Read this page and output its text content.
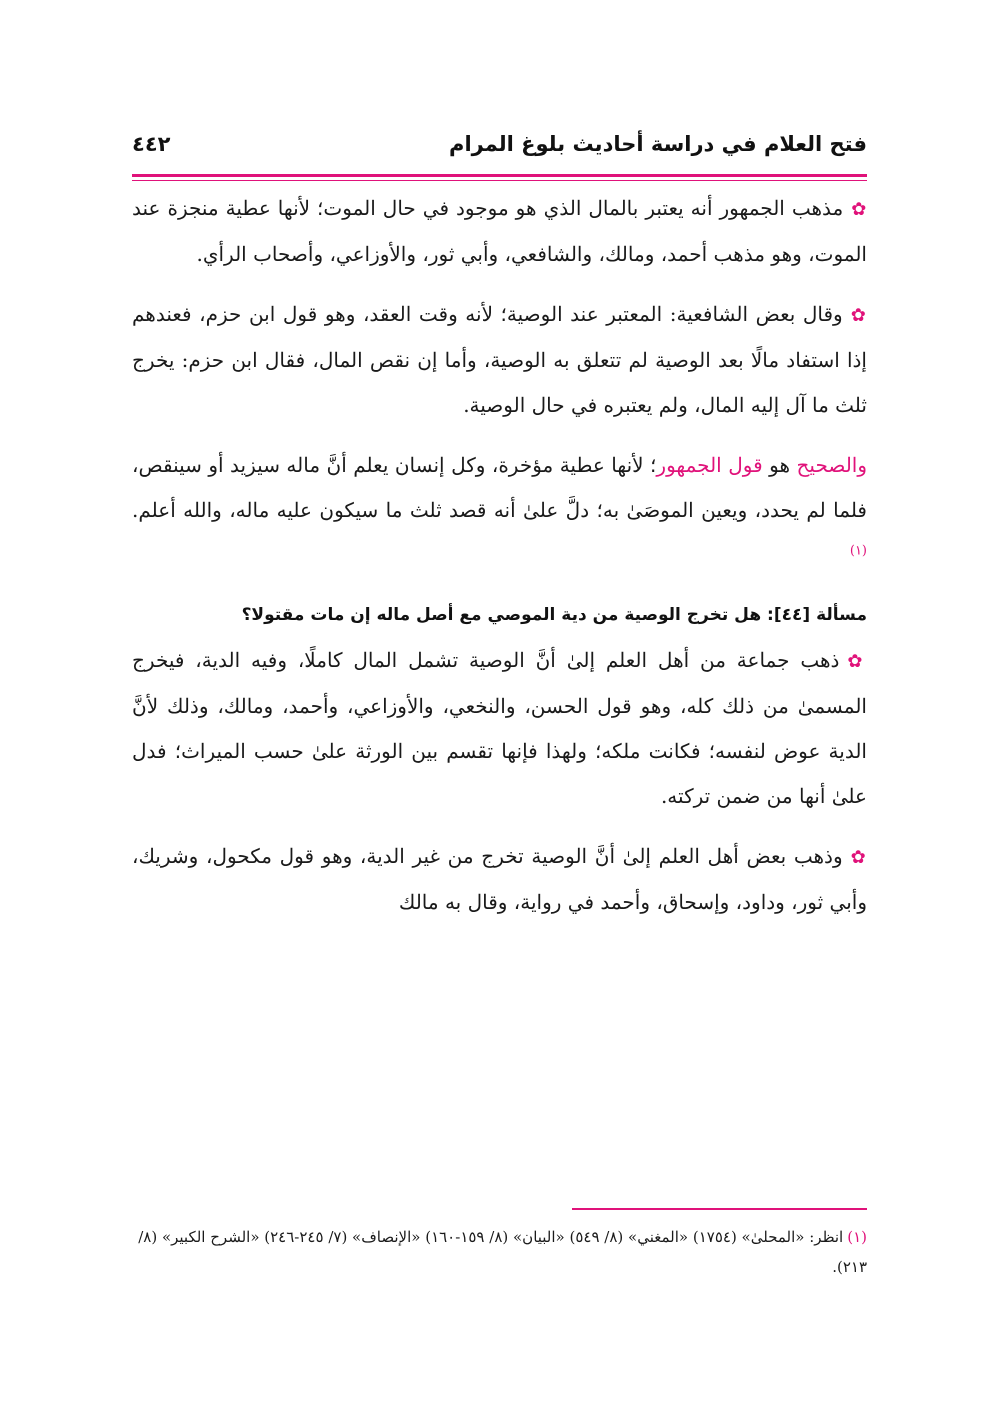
فتح العلام في دراسة أحاديث بلوغ المرام
٤٤٢

✿مذهب الجمهور أنه يعتبر بالمال الذي هو موجود في حال الموت؛ لأنها عطية منجزة عند الموت، وهو مذهب أحمد، ومالك، والشافعي، وأبي ثور، والأوزاعي، وأصحاب الرأي.

✿وقال بعض الشافعية: المعتبر عند الوصية؛ لأنه وقت العقد، وهو قول ابن حزم، فعندهم إذا استفاد مالًا بعد الوصية لم تتعلق به الوصية، وأما إن نقص المال، فقال ابن حزم: يخرج ثلث ما آل إليه المال، ولم يعتبره في حال الوصية.

والصحيح هو قول الجمهور؛ لأنها عطية مؤخرة، وكل إنسان يعلم أنَّ ماله سيزيد أو سينقص، فلما لم يحدد، ويعين الموصَىٰ به؛ دلَّ علىٰ أنه قصد ثلث ما سيكون عليه ماله، والله أعلم.$^{(١)}$

مسألة [٤٤]: هل تخرج الوصية من دية الموصي مع أصل ماله إن مات مقتولا؟

✿ذهب جماعة من أهل العلم إلىٰ أنَّ الوصية تشمل المال كاملًا، وفيه الدية، فيخرج المسمىٰ من ذلك كله، وهو قول الحسن، والنخعي، والأوزاعي، وأحمد، ومالك، وذلك لأنَّ الدية عوض لنفسه؛ فكانت ملكه؛ ولهذا فإنها تقسم بين الورثة علىٰ حسب الميراث؛ فدل علىٰ أنها من ضمن تركته.

✿وذهب بعض أهل العلم إلىٰ أنَّ الوصية تخرج من غير الدية، وهو قول مكحول، وشريك، وأبي ثور، وداود، وإسحاق، وأحمد في رواية، وقال به مالك

(١)انظر: «المحلىٰ» (١٧٥٤) «المغني» (٨/ ٥٤٩) «البيان» (٨/ ١٥٩-١٦٠) «الإنصاف» (٧/ ٢٤٥-٢٤٦) «الشرح الكبير» (٨/ ٢١٣).
